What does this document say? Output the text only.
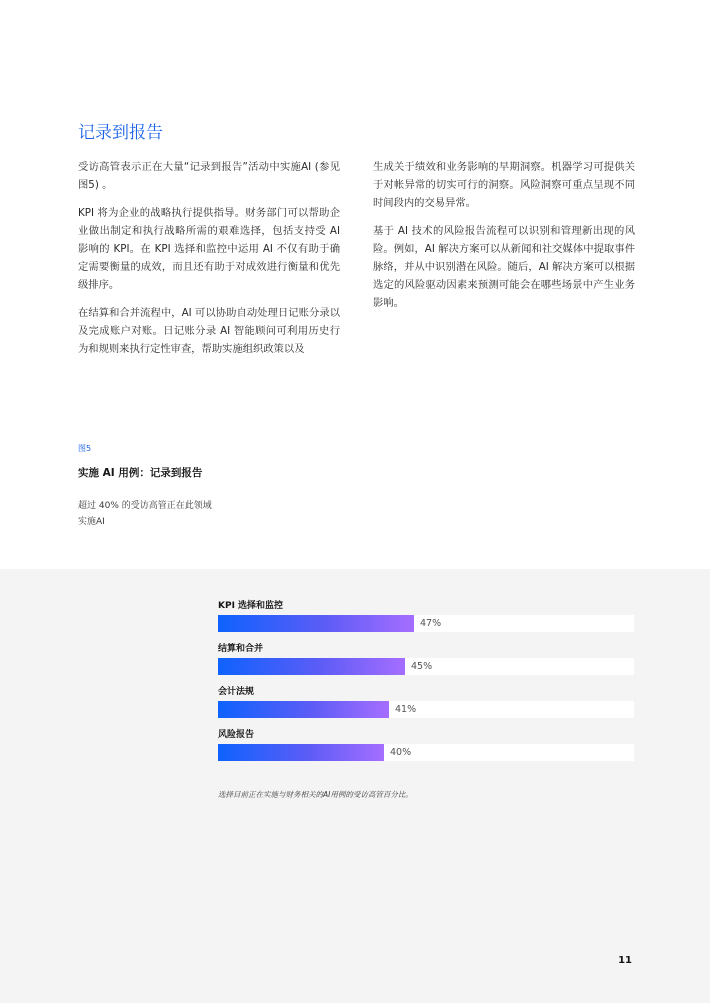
记录到报告

受访高管表示正在大量“记录到报告”活动中实施AI (参见图5) 。

KPI 将为企业的战略执行提供指导。财务部门可以帮助企业做出制定和执行战略所需的艰难选择，包括支持受 AI 影响的 KPI。在 KPI 选择和监控中运用 AI 不仅有助于确定需要衡量的成效，而且还有助于对成效进行衡量和优先级排序。

在结算和合并流程中，AI 可以协助自动处理日记账分录以及完成账户对账。日记账分录 AI 智能顾问可利用历史行为和规则来执行定性审查，帮助实施组织政策以及

生成关于绩效和业务影响的早期洞察。机器学习可提供关于对帐异常的切实可行的洞察。风险洞察可重点呈现不同时间段内的交易异常。

基于 AI 技术的风险报告流程可以识别和管理新出现的风险。例如，AI 解决方案可以从新闻和社交媒体中提取事件脉络，并从中识别潜在风险。随后，AI 解决方案可以根据选定的风险驱动因素来预测可能会在哪些场景中产生业务影响。

图5
实施 AI 用例：记录到报告
超过 40% 的受访高管正在此领域实施AI
KPI 选择和监控
47%
结算和合并
45%
会计法规
41%
风险报告
40%
选择目前正在实施与财务相关的AI用例的受访高管百分比。
11
